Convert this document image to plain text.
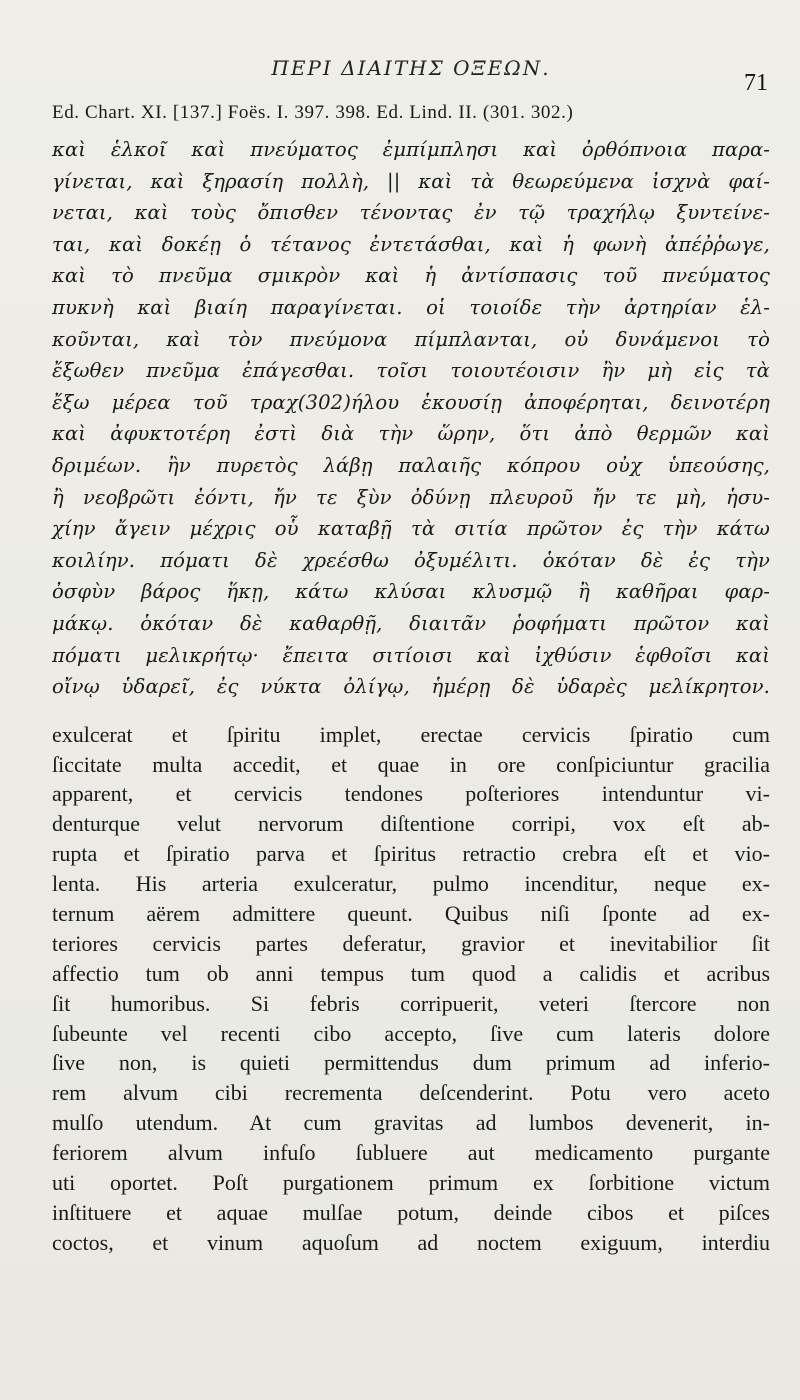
ΠΕΡΙ ΔΙΑΙΤΗΣ ΟΞΕΩΝ.
71
Ed. Chart. XI. [137.] Foës. I. 397. 398. Ed. Lind. II. (301. 302.)
καὶ ἑλκοῖ καὶ πνεύματος ἐμπίμπλησι καὶ ὀρθόπνοια παρα-
γίνεται, καὶ ξηρασίη πολλὴ, || καὶ τὰ θεωρεύμενα ἰσχνὰ φαί-
νεται, καὶ τοὺς ὄπισθεν τένοντας ἐν τῷ τραχήλῳ ξυντείνε-
ται, καὶ δοκέῃ ὁ τέτανος ἐντετάσθαι, καὶ ἡ φωνὴ ἀπέῤῥωγε,
καὶ τὸ πνεῦμα σμικρὸν καὶ ἡ ἀντίσπασις τοῦ πνεύματος
πυκνὴ καὶ βιαίη παραγίνεται. οἱ τοιοίδε τὴν ἀρτηρίαν ἑλ-
κοῦνται, καὶ τὸν πνεύμονα πίμπλανται, οὐ δυνάμενοι τὸ
ἔξωθεν πνεῦμα ἐπάγεσθαι. τοῖσι τοιουτέοισιν ἢν μὴ εἰς τὰ
ἔξω μέρεα τοῦ τραχ(302)ήλου ἑκουσίῃ ἀποφέρηται, δεινοτέρη
καὶ ἀφυκτοτέρη ἐστὶ διὰ τὴν ὥρην, ὅτι ἀπὸ θερμῶν καὶ
δριμέων. ἢν πυρετὸς λάβῃ παλαιῆς κόπρου οὐχ ὑπεούσης,
ἢ νεοβρῶτι ἐόντι, ἤν τε ξὺν ὀδύνῃ πλευροῦ ἤν τε μὴ, ἡσυ-
χίην ἄγειν μέχρις οὗ καταβῇ τὰ σιτία πρῶτον ἐς τὴν κάτω
κοιλίην. πόματι δὲ χρεέσθω ὀξυμέλιτι. ὁκόταν δὲ ἐς τὴν
ὀσφὺν βάρος ἥκῃ, κάτω κλύσαι κλυσμῷ ἢ καθῆραι φαρ-
μάκῳ. ὁκόταν δὲ καθαρθῇ, διαιτᾶν ῥοφήματι πρῶτον καὶ
πόματι μελικρήτῳ· ἔπειτα σιτίοισι καὶ ἰχθύσιν ἑφθοῖσι καὶ
οἴνῳ ὑδαρεῖ, ἐς νύκτα ὀλίγῳ, ἡμέρῃ δὲ ὑδαρὲς μελίκρητον.
exulcerat et ſpiritu implet, erectae cervicis ſpiratio cum
ſiccitate multa accedit, et quae in ore conſpiciuntur gracilia
apparent, et cervicis tendones poſteriores intenduntur vi-
denturque velut nervorum diſtentione corripi, vox eſt ab-
rupta et ſpiratio parva et ſpiritus retractio crebra eſt et vio-
lenta. His arteria exulceratur, pulmo incenditur, neque ex-
ternum aërem admittere queunt. Quibus niſi ſponte ad ex-
teriores cervicis partes deferatur, gravior et inevitabilior ſit
affectio tum ob anni tempus tum quod a calidis et acribus
ſit humoribus. Si febris corripuerit, veteri ſtercore non
ſubeunte vel recenti cibo accepto, ſive cum lateris dolore
ſive non, is quieti permittendus dum primum ad inferio-
rem alvum cibi recrementa deſcenderint. Potu vero aceto
mulſo utendum. At cum gravitas ad lumbos devenerit, in-
feriorem alvum infuſo ſubluere aut medicamento purgante
uti oportet. Poſt purgationem primum ex ſorbitione victum
inſtituere et aquae mulſae potum, deinde cibos et piſces
coctos, et vinum aquoſum ad noctem exiguum, interdiu
